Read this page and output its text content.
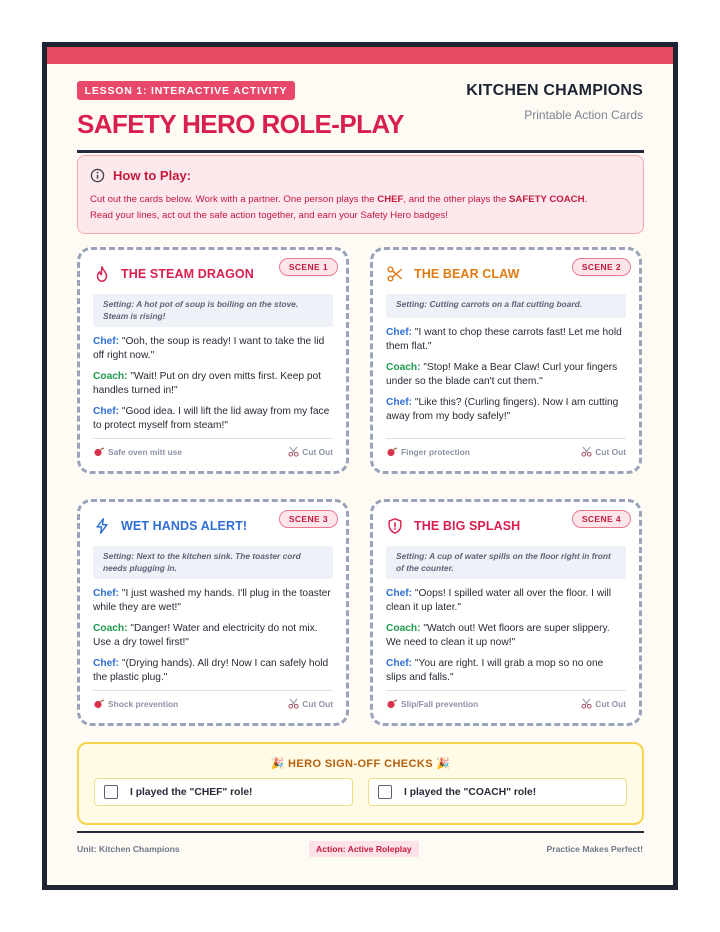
LESSON 1: INTERACTIVE ACTIVITY
SAFETY HERO ROLE-PLAY
KITCHEN CHAMPIONS
Printable Action Cards
How to Play:
Cut out the cards below. Work with a partner. One person plays the CHEF, and the other plays the SAFETY COACH.
Read your lines, act out the safe action together, and earn your Safety Hero badges!
SCENE 1
THE STEAM DRAGON
Setting: A hot pot of soup is boiling on the stove. Steam is rising!

Chef: "Ooh, the soup is ready! I want to take the lid off right now."

Coach: "Wait! Put on dry oven mitts first. Keep pot handles turned in!"

Chef: "Good idea. I will lift the lid away from my face to protect myself from steam!"

Safe oven mitt use	Cut Out
SCENE 2
THE BEAR CLAW
Setting: Cutting carrots on a flat cutting board.

Chef: "I want to chop these carrots fast! Let me hold them flat."

Coach: "Stop! Make a Bear Claw! Curl your fingers under so the blade can't cut them."

Chef: "Like this? (Curling fingers). Now I am cutting away from my body safely!"

Finger protection	Cut Out
SCENE 3
WET HANDS ALERT!
Setting: Next to the kitchen sink. The toaster cord needs plugging in.

Chef: "I just washed my hands. I'll plug in the toaster while they are wet!"

Coach: "Danger! Water and electricity do not mix. Use a dry towel first!"

Chef: "(Drying hands). All dry! Now I can safely hold the plastic plug."

Shock prevention	Cut Out
SCENE 4
THE BIG SPLASH
Setting: A cup of water spills on the floor right in front of the counter.

Chef: "Oops! I spilled water all over the floor. I will clean it up later."

Coach: "Watch out! Wet floors are super slippery. We need to clean it up now!"

Chef: "You are right. I will grab a mop so no one slips and falls."

Slip/Fall prevention	Cut Out
🎉 HERO SIGN-OFF CHECKS 🎉
I played the "CHEF" role!	I played the "COACH" role!
Unit: Kitchen Champions	Action: Active Roleplay	Practice Makes Perfect!
